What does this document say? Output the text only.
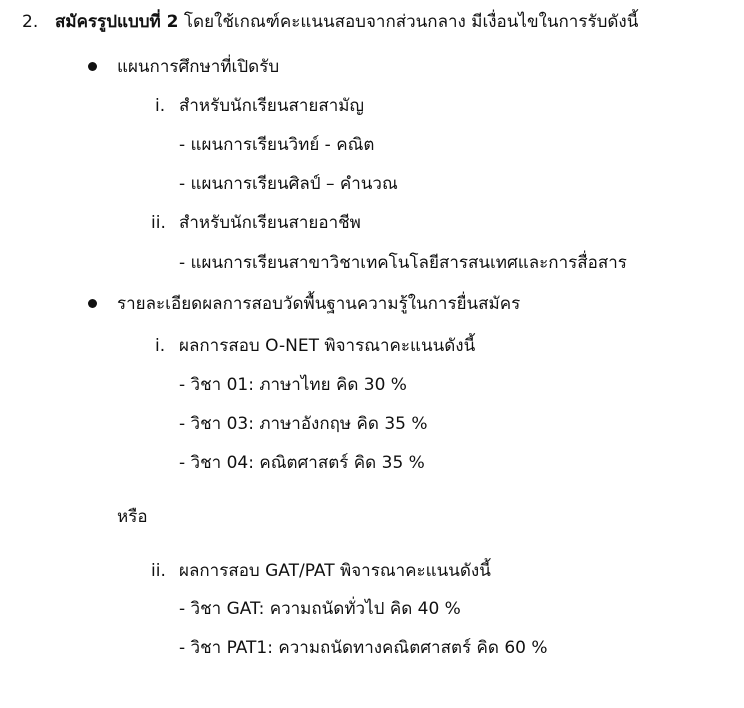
2. สมัครรูปแบบที่ 2 โดยใช้เกณฑ์คะแนนสอบจากส่วนกลาง มีเงื่อนไขในการรับดังนี้
แผนการศึกษาที่เปิดรับ
i. สำหรับนักเรียนสายสามัญ
- แผนการเรียนวิทย์ - คณิต
- แผนการเรียนศิลป์ – คำนวณ
ii. สำหรับนักเรียนสายอาชีพ
- แผนการเรียนสาขาวิชาเทคโนโลยีสารสนเทศและการสื่อสาร
รายละเอียดผลการสอบวัดพื้นฐานความรู้ในการยื่นสมัคร
i. ผลการสอบ O-NET พิจารณาคะแนนดังนี้
- วิชา 01: ภาษาไทย คิด 30 %
- วิชา 03: ภาษาอังกฤษ คิด 35 %
- วิชา 04: คณิตศาสตร์ คิด 35 %
หรือ
ii. ผลการสอบ GAT/PAT พิจารณาคะแนนดังนี้
- วิชา GAT: ความถนัดทั่วไป คิด 40 %
- วิชา PAT1: ความถนัดทางคณิตศาสตร์ คิด 60 %
